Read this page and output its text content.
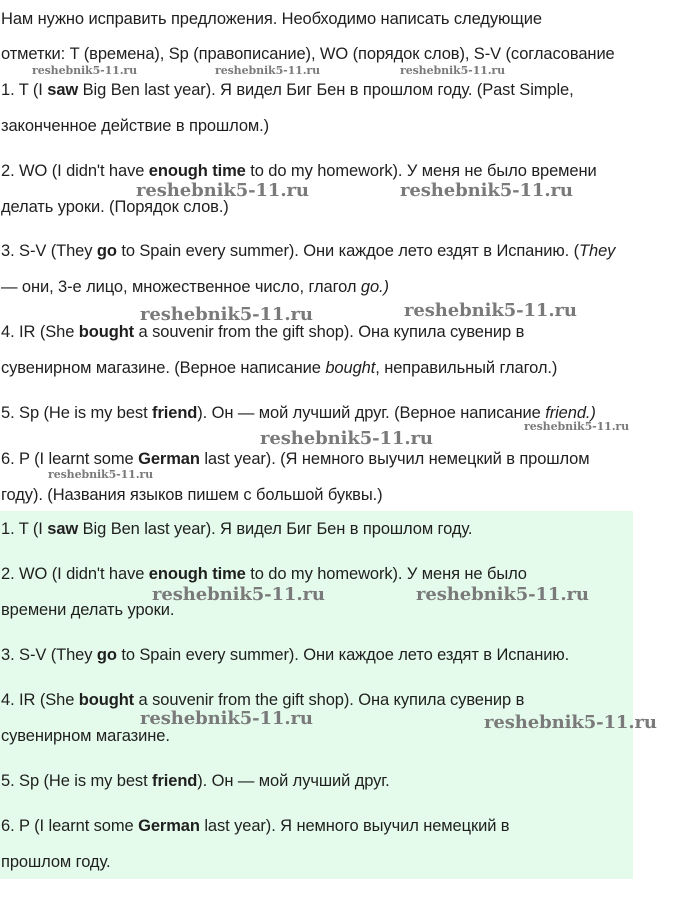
Нам нужно исправить предложения. Необходимо написать следующие
отметки: T (времена), Sp (правописание), WO (порядок слов), S-V (согласование
1. T (I saw Big Ben last year). Я видел Биг Бен в прошлом году. (Past Simple,
законченное действие в прошлом.)
2. WO (I didn't have enough time to do my homework). У меня не было времени
делать уроки. (Порядок слов.)
3. S-V (They go to Spain every summer). Они каждое лето ездят в Испанию. (They
— они, 3-е лицо, множественное число, глагол go.)
4. IR (She bought a souvenir from the gift shop). Она купила сувенир в
сувенирном магазине. (Верное написание bought, неправильный глагол.)
5. Sp (He is my best friend). Он — мой лучший друг. (Верное написание friend.)
6. P (I learnt some German last year). (Я немного выучил немецкий в прошлом
году). (Названия языков пишем с большой буквы.)
1. T (I saw Big Ben last year). Я видел Биг Бен в прошлом году.
2. WO (I didn't have enough time to do my homework). У меня не было
времени делать уроки.
3. S-V (They go to Spain every summer). Они каждое лето ездят в Испанию.
4. IR (She bought a souvenir from the gift shop). Она купила сувенир в
сувенирном магазине.
5. Sp (He is my best friend). Он — мой лучший друг.
6. P (I learnt some German last year). Я немного выучил немецкий в
прошлом году.
reshebnik5-11.ru	reshebnik5-11.ru	reshebnik5-11.ru
reshebnik5-11.ru	reshebnik5-11.ru
reshebnik5-11.ru	reshebnik5-11.ru
reshebnik5-11.ru
reshebnik5-11.ru
reshebnik5-11.ru
reshebnik5-11.ru	reshebnik5-11.ru
reshebnik5-11.ru	reshebnik5-11.ru
